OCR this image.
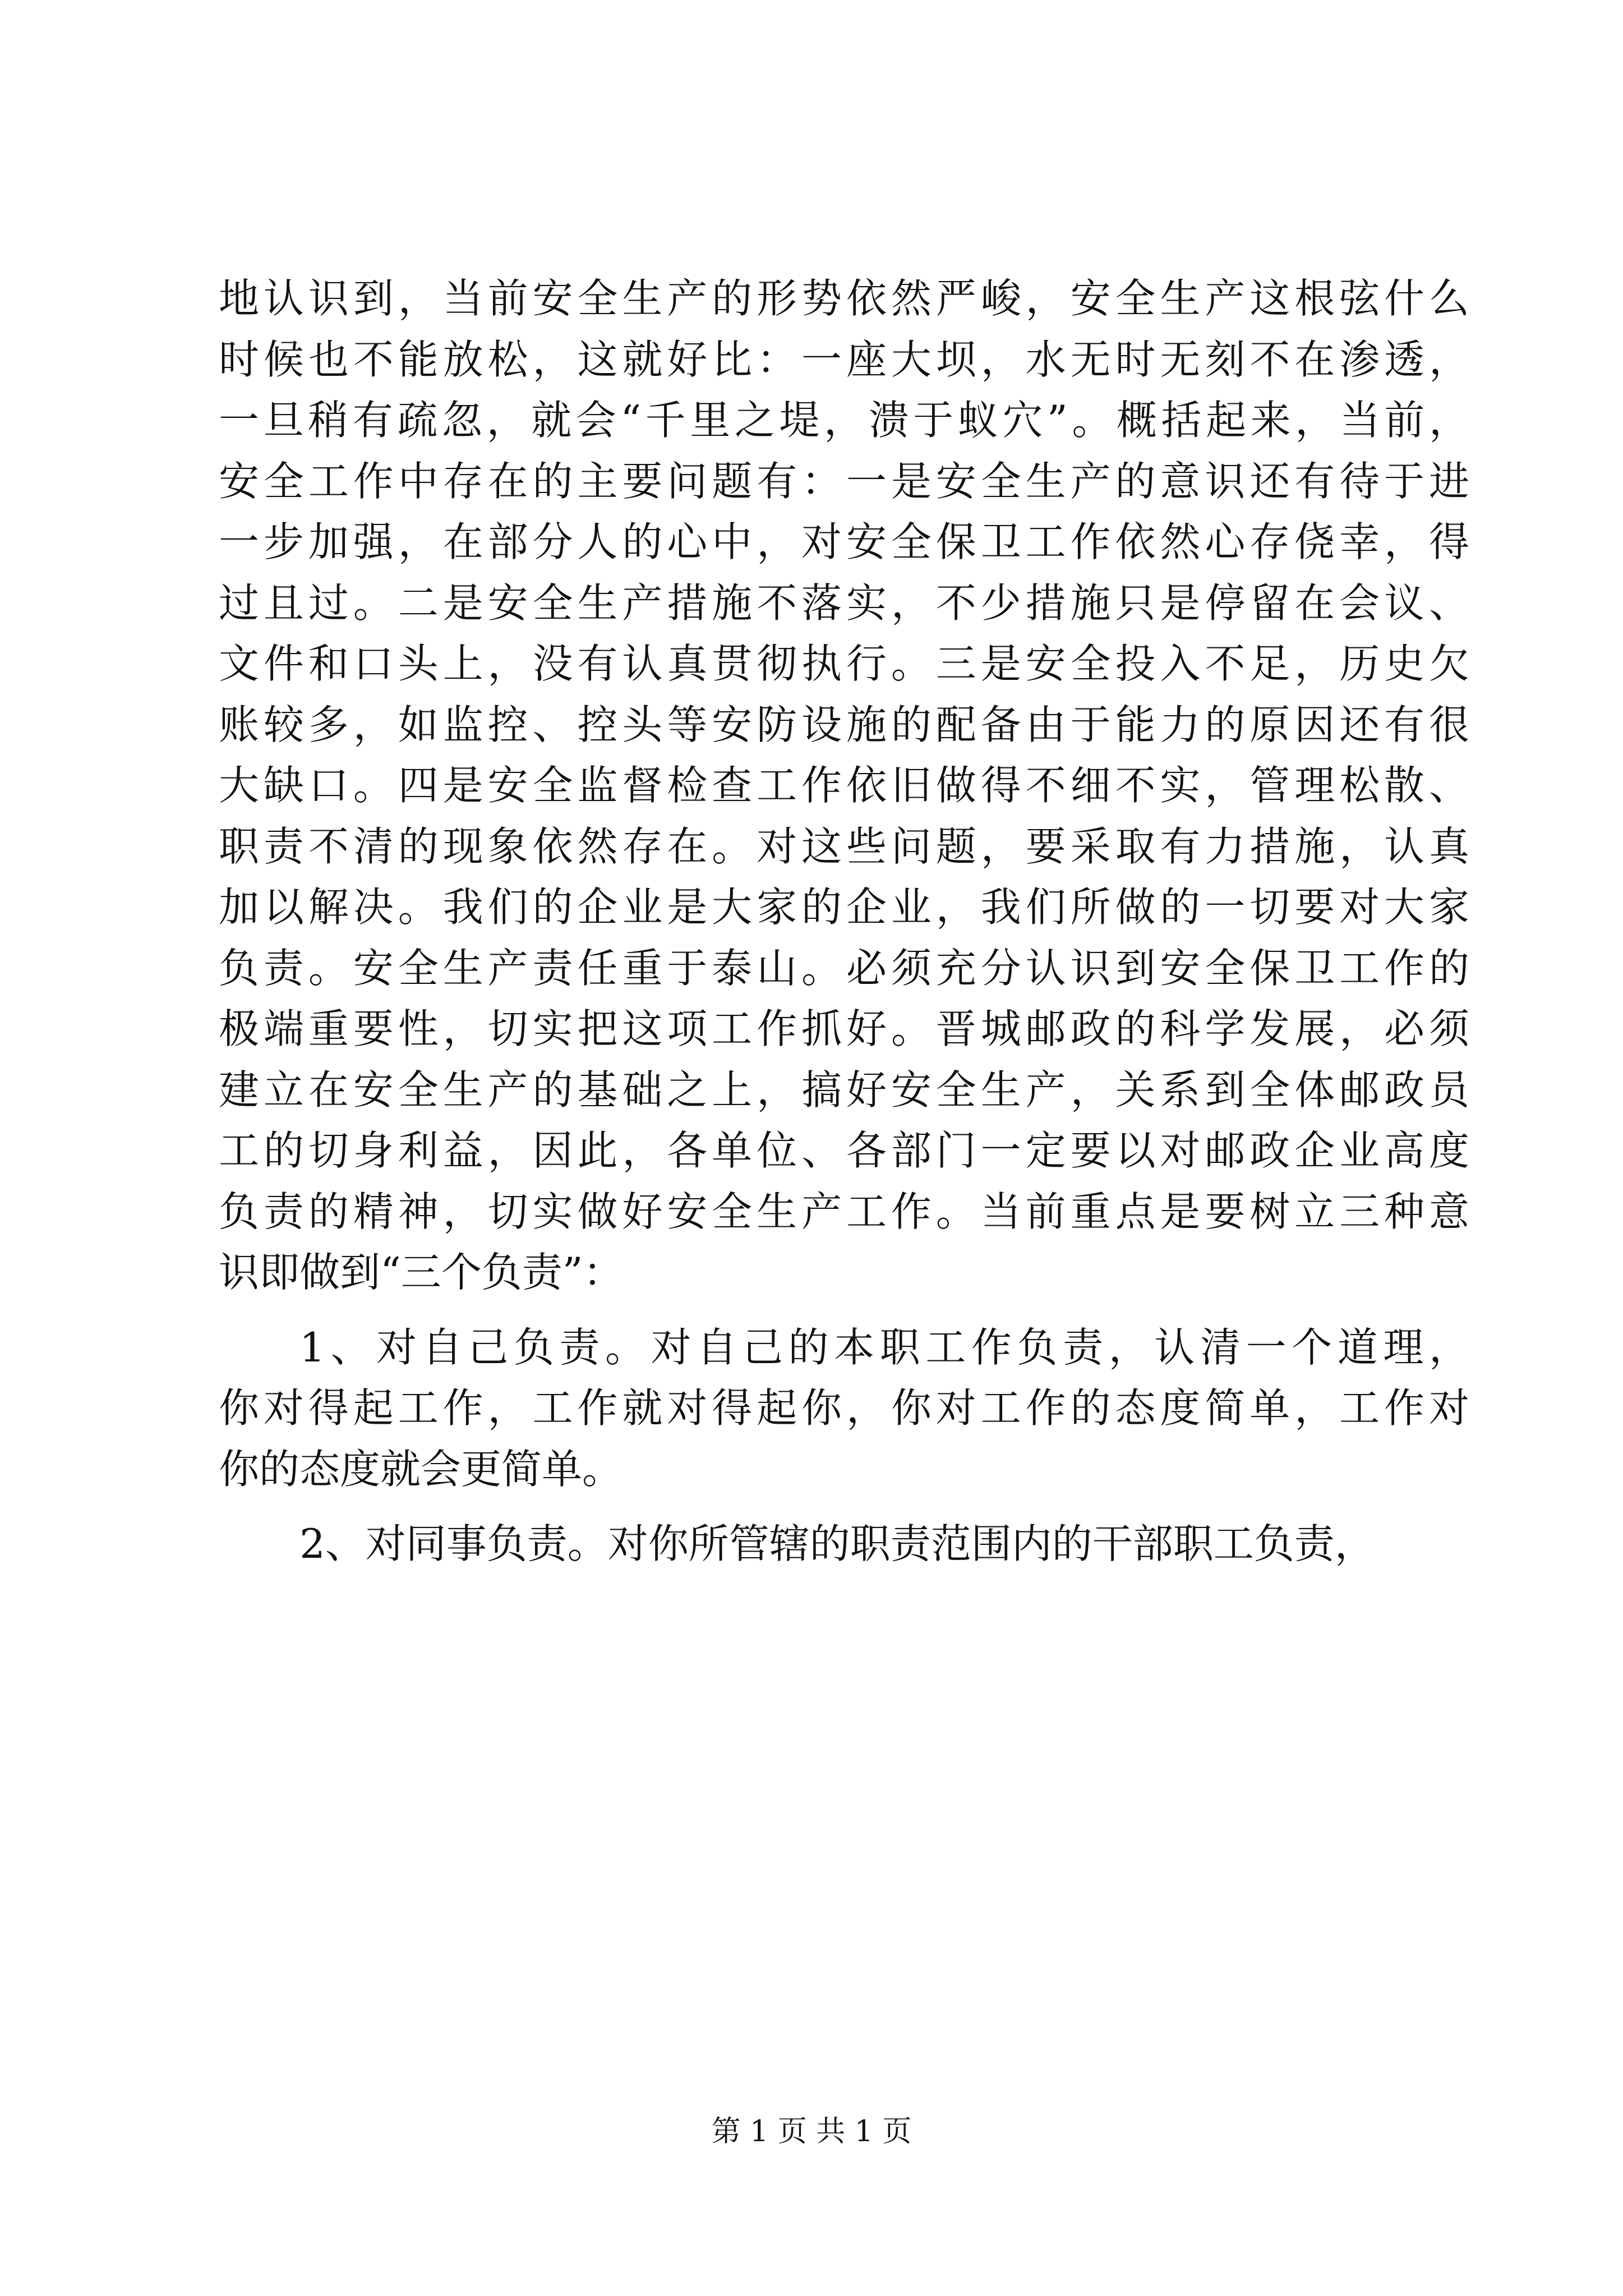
地认识到，当前安全生产的形势依然严峻，安全生产这根弦什么
时候也不能放松，这就好比：一座大坝，水无时无刻不在渗透，
一旦稍有疏忽，就会“千里之堤，溃于蚁穴”。概括起来，当前，
安全工作中存在的主要问题有：一是安全生产的意识还有待于进
一步加强，在部分人的心中，对安全保卫工作依然心存侥幸，得
过且过。二是安全生产措施不落实，不少措施只是停留在会议、
文件和口头上，没有认真贯彻执行。三是安全投入不足，历史欠
账较多，如监控、控头等安防设施的配备由于能力的原因还有很
大缺口。四是安全监督检查工作依旧做得不细不实，管理松散、
职责不清的现象依然存在。对这些问题，要采取有力措施，认真
加以解决。我们的企业是大家的企业，我们所做的一切要对大家
负责。安全生产责任重于泰山。必须充分认识到安全保卫工作的
极端重要性，切实把这项工作抓好。晋城邮政的科学发展，必须
建立在安全生产的基础之上，搞好安全生产，关系到全体邮政员
工的切身利益，因此，各单位、各部门一定要以对邮政企业高度
负责的精神，切实做好安全生产工作。当前重点是要树立三种意
识即做到“三个负责”：
1、对自己负责。对自己的本职工作负责，认清一个道理，
你对得起工作，工作就对得起你，你对工作的态度简单，工作对
你的态度就会更简单。
2、对同事负责。对你所管辖的职责范围内的干部职工负责，
第 1 页 共 1 页
